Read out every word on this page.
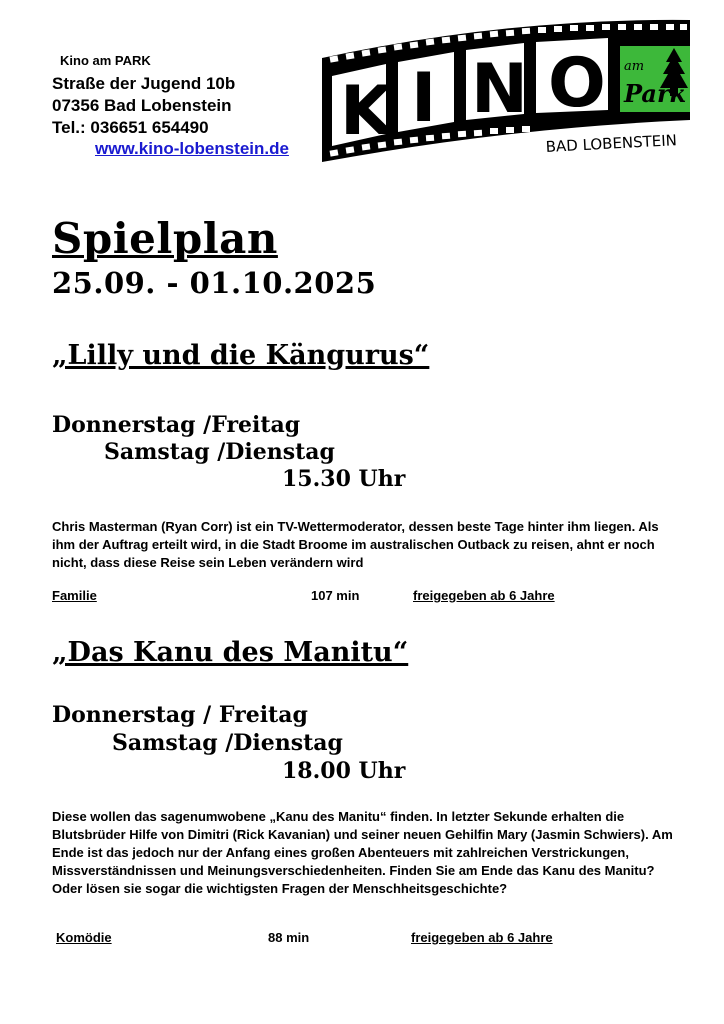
Kino am PARK
Straße der Jugend 10b
07356 Bad Lobenstein
Tel.: 036651 654490
www.kino-lobenstein.de K I N O am
Park
BAD LOBENSTEIN
Spielplan
25.09. - 01.10.2025
„Lilly und die Kängurus“
Donnerstag /Freitag
Samstag /Dienstag
15.30 Uhr
Chris Masterman (Ryan Corr) ist ein TV-Wettermoderator, dessen beste Tage hinter ihm liegen. Als ihm der Auftrag erteilt wird, in die Stadt Broome im australischen Outback zu reisen, ahnt er noch nicht, dass diese Reise sein Leben verändern wird
Familie	107 min	freigegeben ab 6 Jahre
„Das Kanu des Manitu“
Donnerstag / Freitag
Samstag /Dienstag
18.00 Uhr
Diese wollen das sagenumwobene „Kanu des Manitu“ finden. In letzter Sekunde erhalten die Blutsbrüder Hilfe von Dimitri (Rick Kavanian) und seiner neuen Gehilfin Mary (Jasmin Schwiers). Am Ende ist das jedoch nur der Anfang eines großen Abenteuers mit zahlreichen Verstrickungen, Missverständnissen und Meinungsverschiedenheiten. Finden Sie am Ende das Kanu des Manitu? Oder lösen sie sogar die wichtigsten Fragen der Menschheitsgeschichte?
Komödie	88 min	freigegeben ab 6 Jahre
